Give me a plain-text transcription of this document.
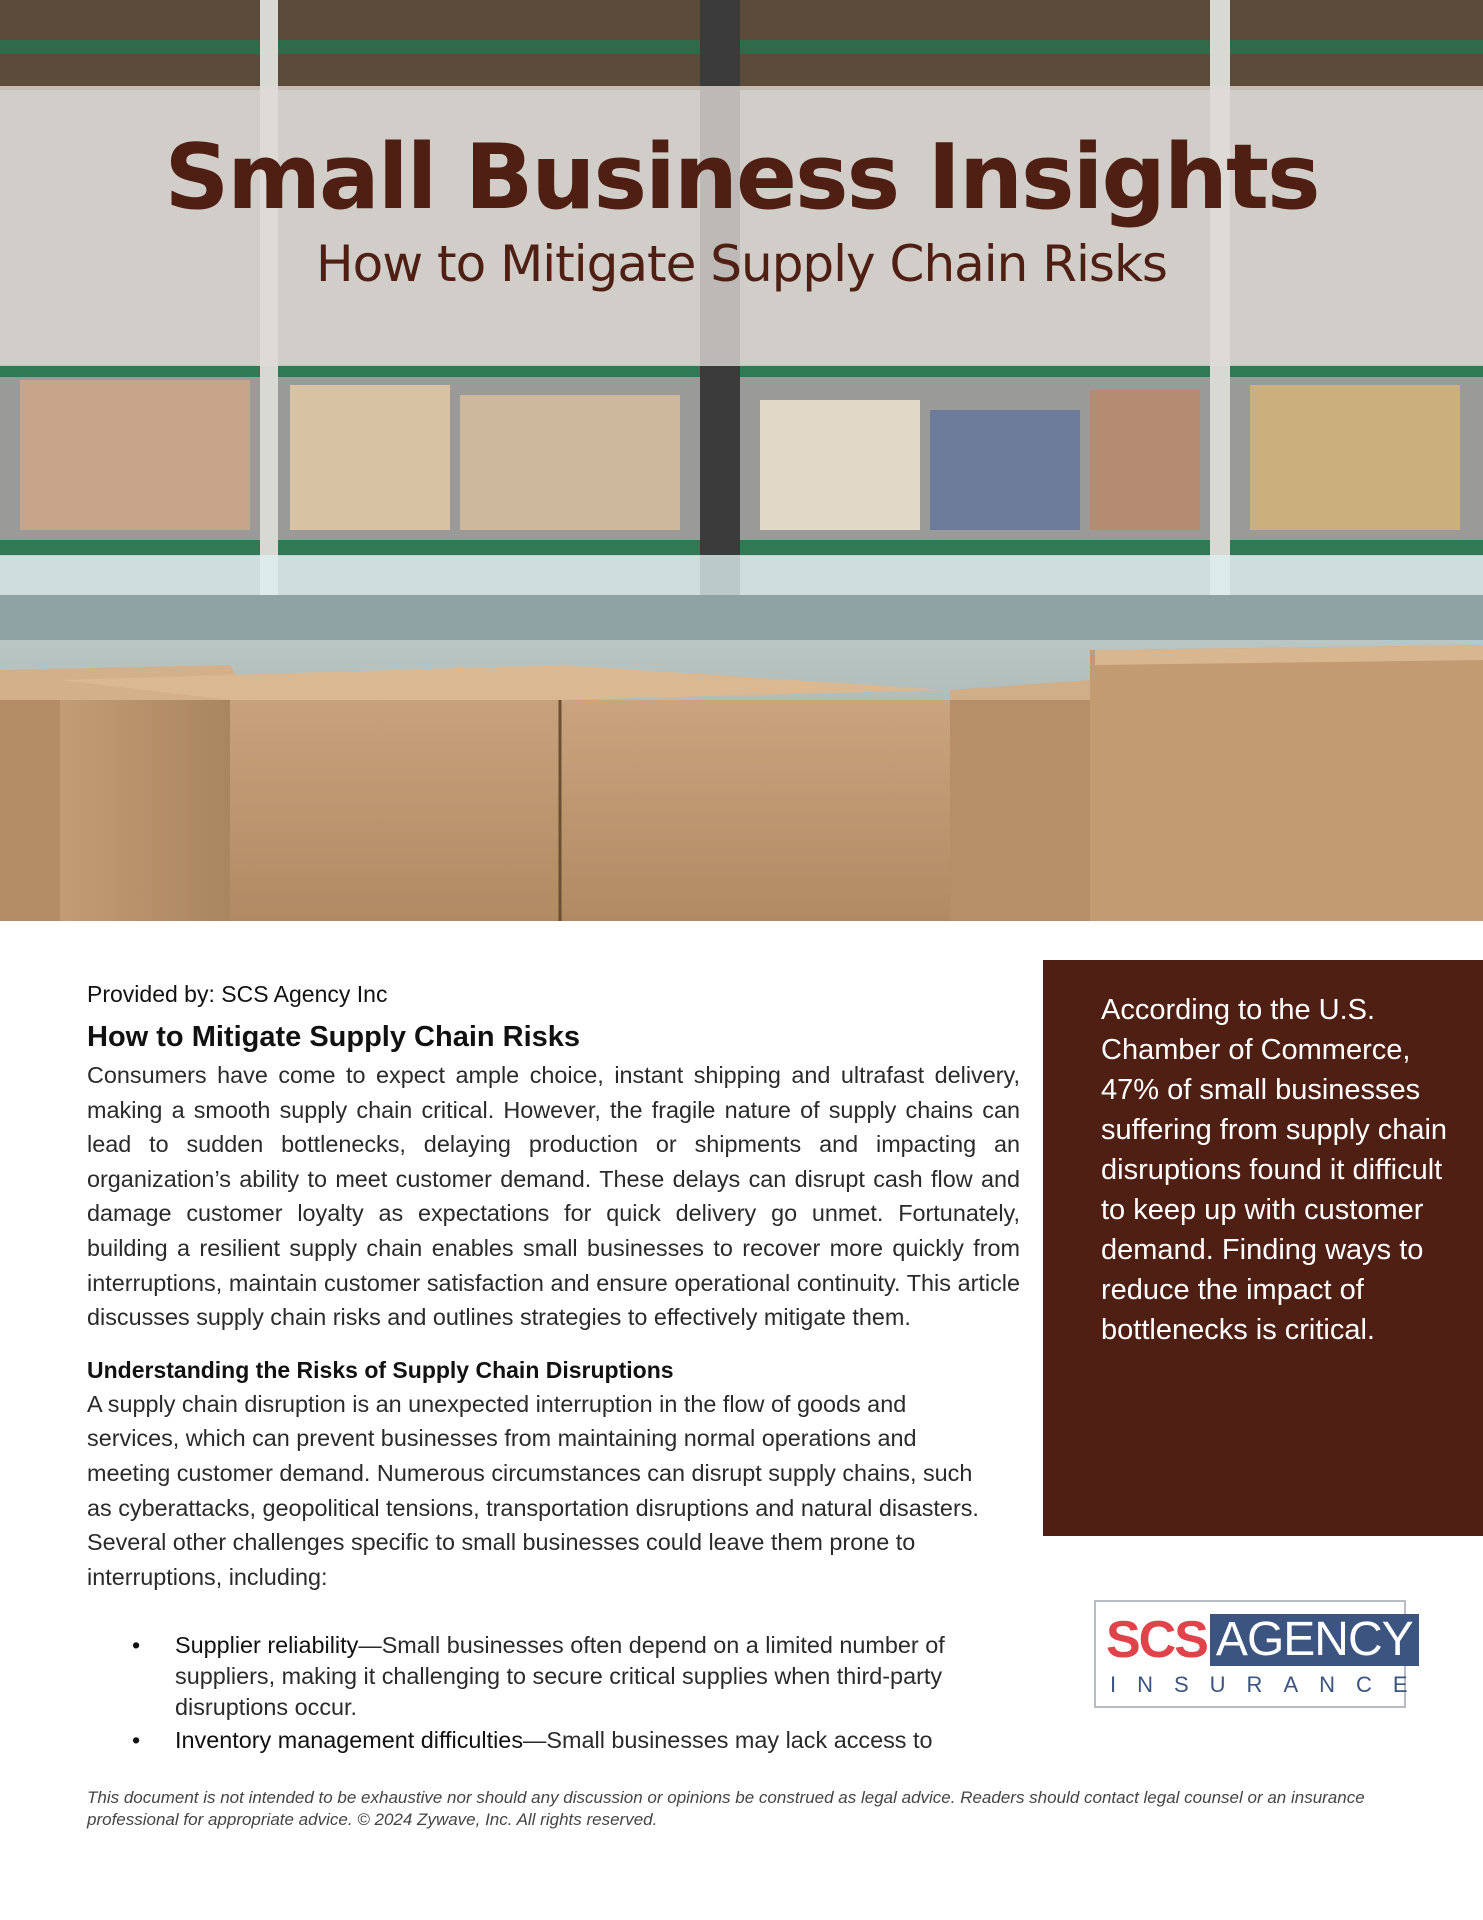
Small Business Insights
How to Mitigate Supply Chain Risks
Provided by: SCS Agency Inc
How to Mitigate Supply Chain Risks

Consumers have come to expect ample choice, instant shipping and ultrafast delivery, making a smooth supply chain critical. However, the fragile nature of supply chains can lead to sudden bottlenecks, delaying production or shipments and impacting an organization’s ability to meet customer demand. These delays can disrupt cash flow and damage customer loyalty as expectations for quick delivery go unmet. Fortunately, building a resilient supply chain enables small businesses to recover more quickly from interruptions, maintain customer satisfaction and ensure operational continuity. This article discusses supply chain risks and outlines strategies to effectively mitigate them.

Understanding the Risks of Supply Chain Disruptions

A supply chain disruption is an unexpected interruption in the flow of goods and services, which can prevent businesses from maintaining normal operations and meeting customer demand. Numerous circumstances can disrupt supply chains, such as cyberattacks, geopolitical tensions, transportation disruptions and natural disasters. Several other challenges specific to small businesses could leave them prone to interruptions, including:

• Supplier reliability—Small businesses often depend on a limited number of suppliers, making it challenging to secure critical supplies when third-party disruptions occur.
• Inventory management difficulties—Small businesses may lack access to
According to the U.S. Chamber of Commerce, 47% of small businesses suffering from supply chain disruptions found it difficult to keep up with customer demand. Finding ways to reduce the impact of bottlenecks is critical.
SCS AGENCY
INSURANCE
This document is not intended to be exhaustive nor should any discussion or opinions be construed as legal advice. Readers should contact legal counsel or an insurance professional for appropriate advice. © 2024 Zywave, Inc. All rights reserved.
